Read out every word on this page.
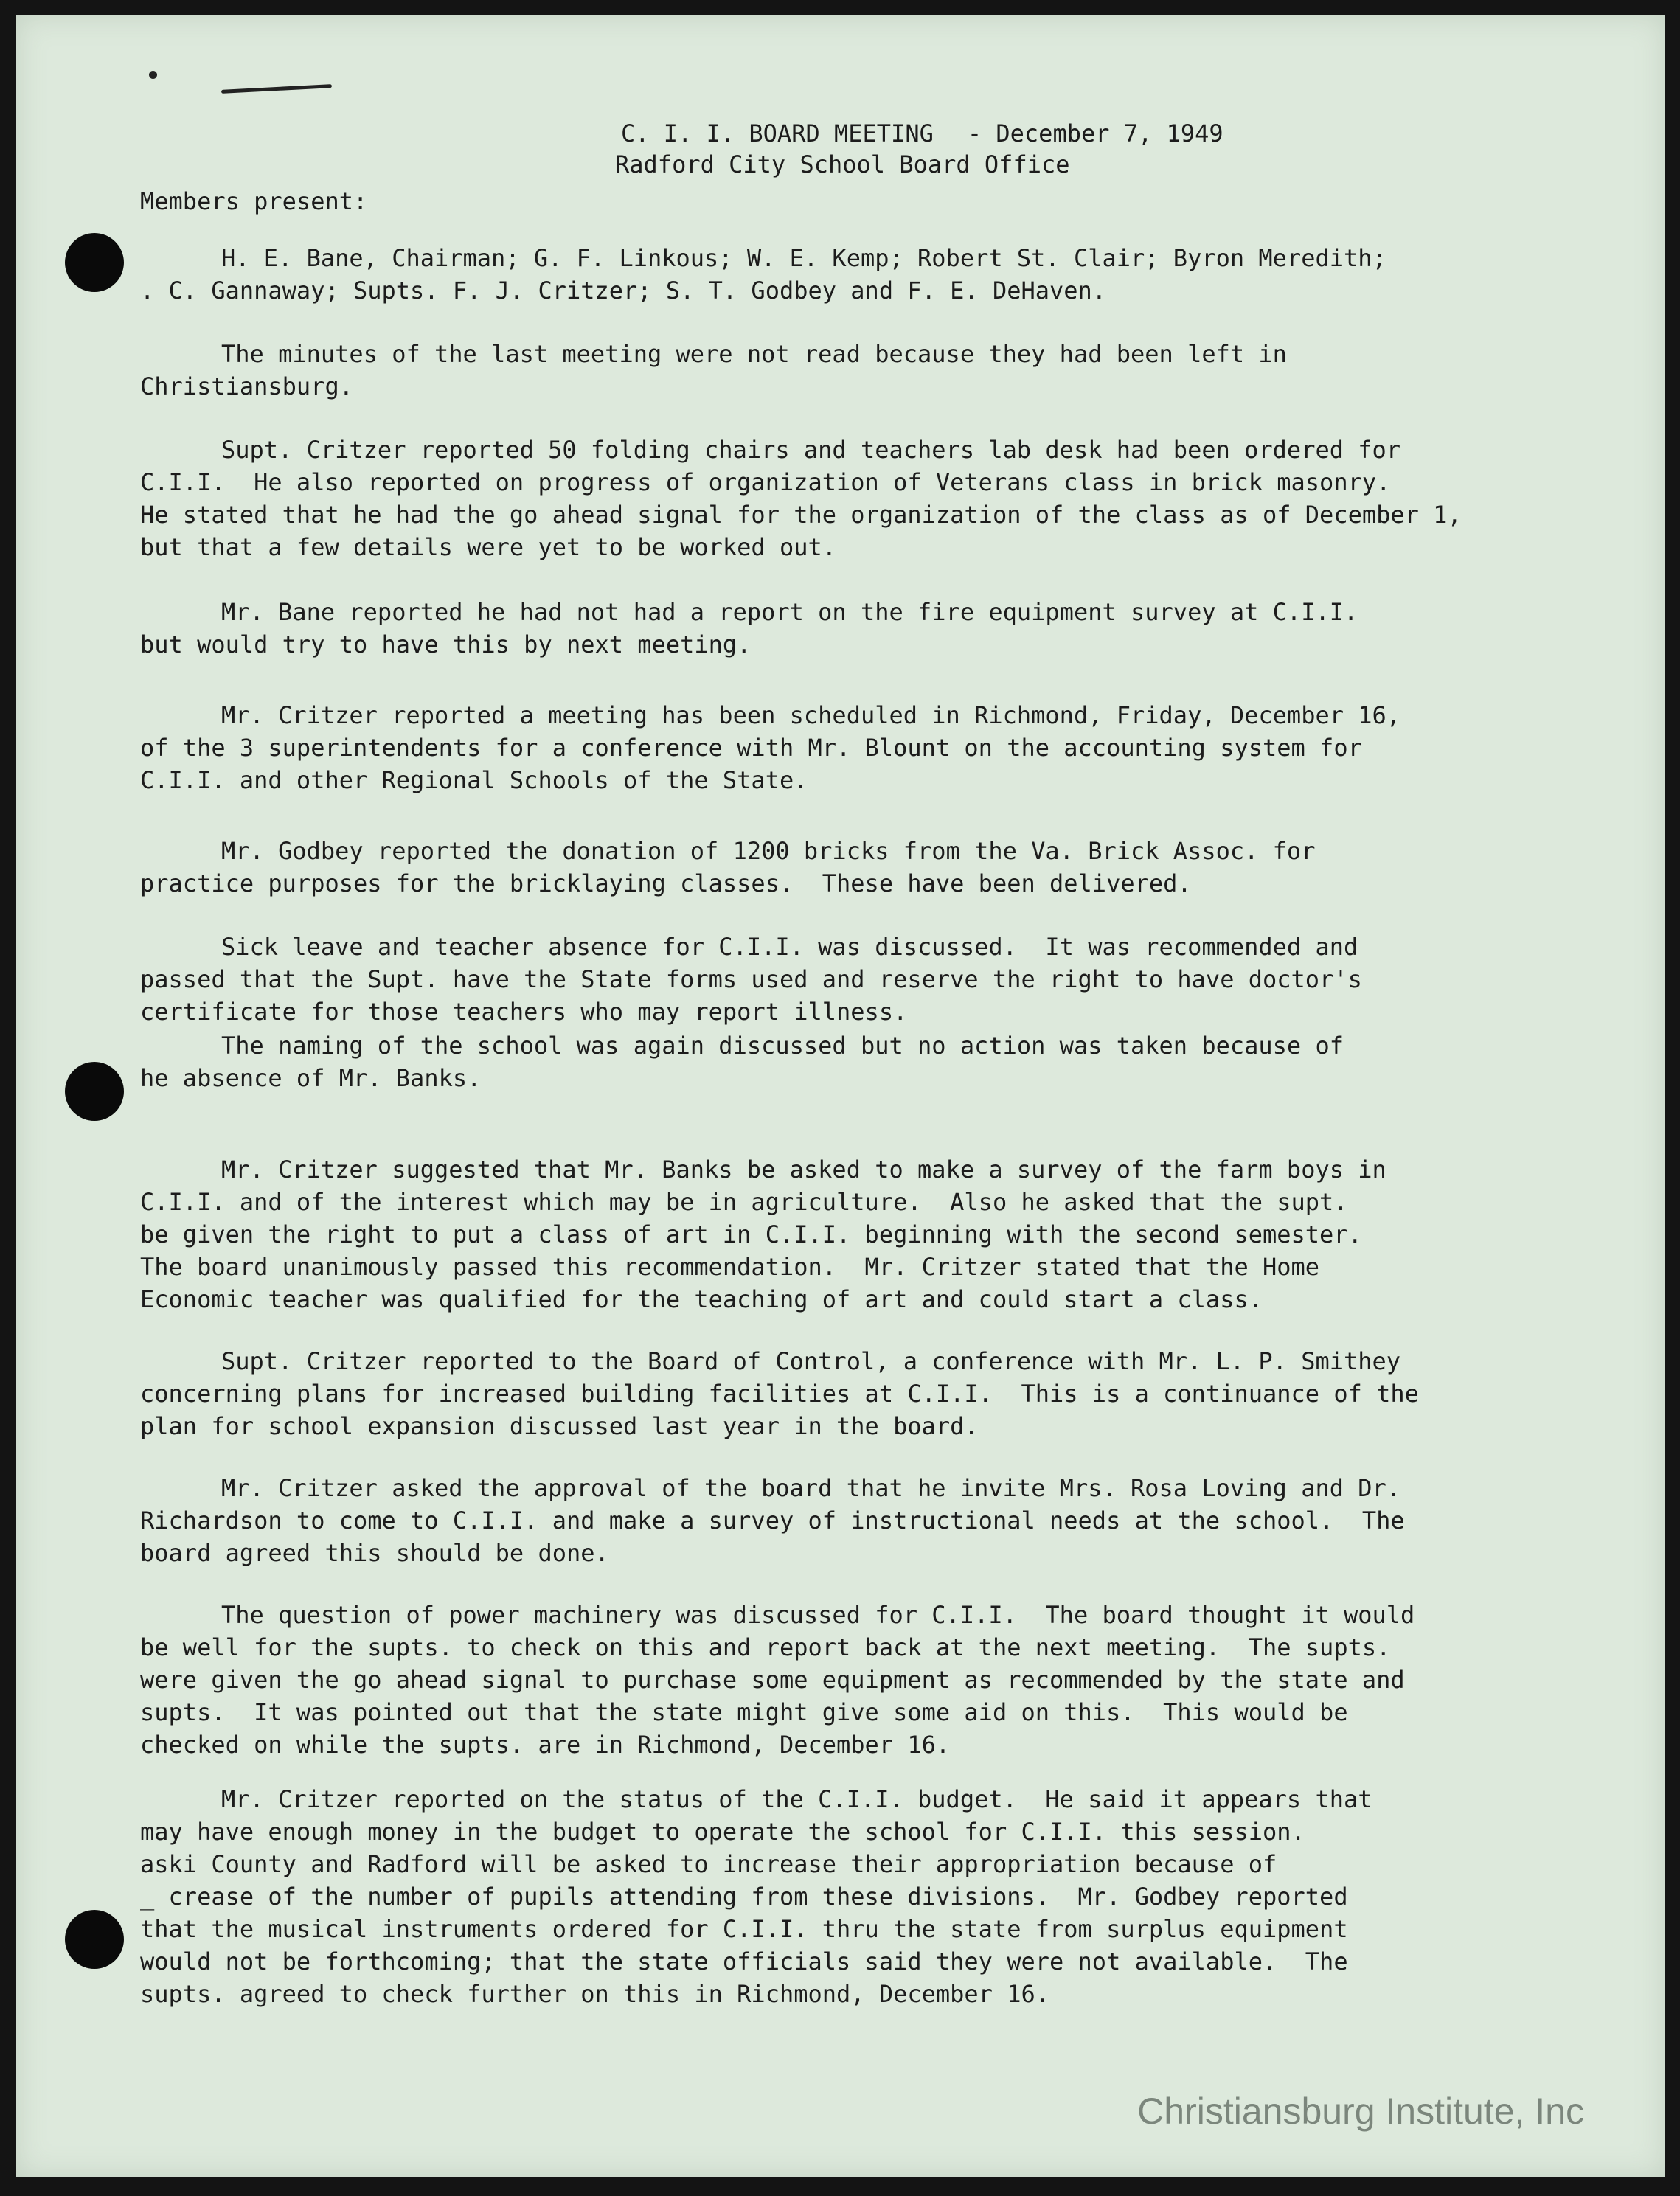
C. I. I. BOARD MEETING - December 7, 1949
Radford City School Board Office
Members present:
H. E. Bane, Chairman; G. F. Linkous; W. E. Kemp; Robert St. Clair; Byron Meredith;
. C. Gannaway; Supts. F. J. Critzer; S. T. Godbey and F. E. DeHaven.
The minutes of the last meeting were not read because they had been left in
Christiansburg.
Supt. Critzer reported 50 folding chairs and teachers lab desk had been ordered for
C.I.I.  He also reported on progress of organization of Veterans class in brick masonry.
He stated that he had the go ahead signal for the organization of the class as of December 1,
but that a few details were yet to be worked out.
Mr. Bane reported he had not had a report on the fire equipment survey at C.I.I.
but would try to have this by next meeting.
Mr. Critzer reported a meeting has been scheduled in Richmond, Friday, December 16,
of the 3 superintendents for a conference with Mr. Blount on the accounting system for
C.I.I. and other Regional Schools of the State.
Mr. Godbey reported the donation of 1200 bricks from the Va. Brick Assoc. for
practice purposes for the bricklaying classes.  These have been delivered.
Sick leave and teacher absence for C.I.I. was discussed.  It was recommended and
passed that the Supt. have the State forms used and reserve the right to have doctor's
certificate for those teachers who may report illness.
The naming of the school was again discussed but no action was taken because of
he absence of Mr. Banks.
Mr. Critzer suggested that Mr. Banks be asked to make a survey of the farm boys in
C.I.I. and of the interest which may be in agriculture.  Also he asked that the supt.
be given the right to put a class of art in C.I.I. beginning with the second semester.
The board unanimously passed this recommendation.  Mr. Critzer stated that the Home
Economic teacher was qualified for the teaching of art and could start a class.
Supt. Critzer reported to the Board of Control, a conference with Mr. L. P. Smithey
concerning plans for increased building facilities at C.I.I.  This is a continuance of the
plan for school expansion discussed last year in the board.
Mr. Critzer asked the approval of the board that he invite Mrs. Rosa Loving and Dr.
Richardson to come to C.I.I. and make a survey of instructional needs at the school.  The
board agreed this should be done.
The question of power machinery was discussed for C.I.I.  The board thought it would
be well for the supts. to check on this and report back at the next meeting.  The supts.
were given the go ahead signal to purchase some equipment as recommended by the state and
supts.  It was pointed out that the state might give some aid on this.  This would be
checked on while the supts. are in Richmond, December 16.
Mr. Critzer reported on the status of the C.I.I. budget.  He said it appears that
may have enough money in the budget to operate the school for C.I.I. this session.
aski County and Radford will be asked to increase their appropriation because of
_ crease of the number of pupils attending from these divisions.  Mr. Godbey reported
that the musical instruments ordered for C.I.I. thru the state from surplus equipment
would not be forthcoming; that the state officials said they were not available.  The
supts. agreed to check further on this in Richmond, December 16.
Christiansburg Institute, Inc
